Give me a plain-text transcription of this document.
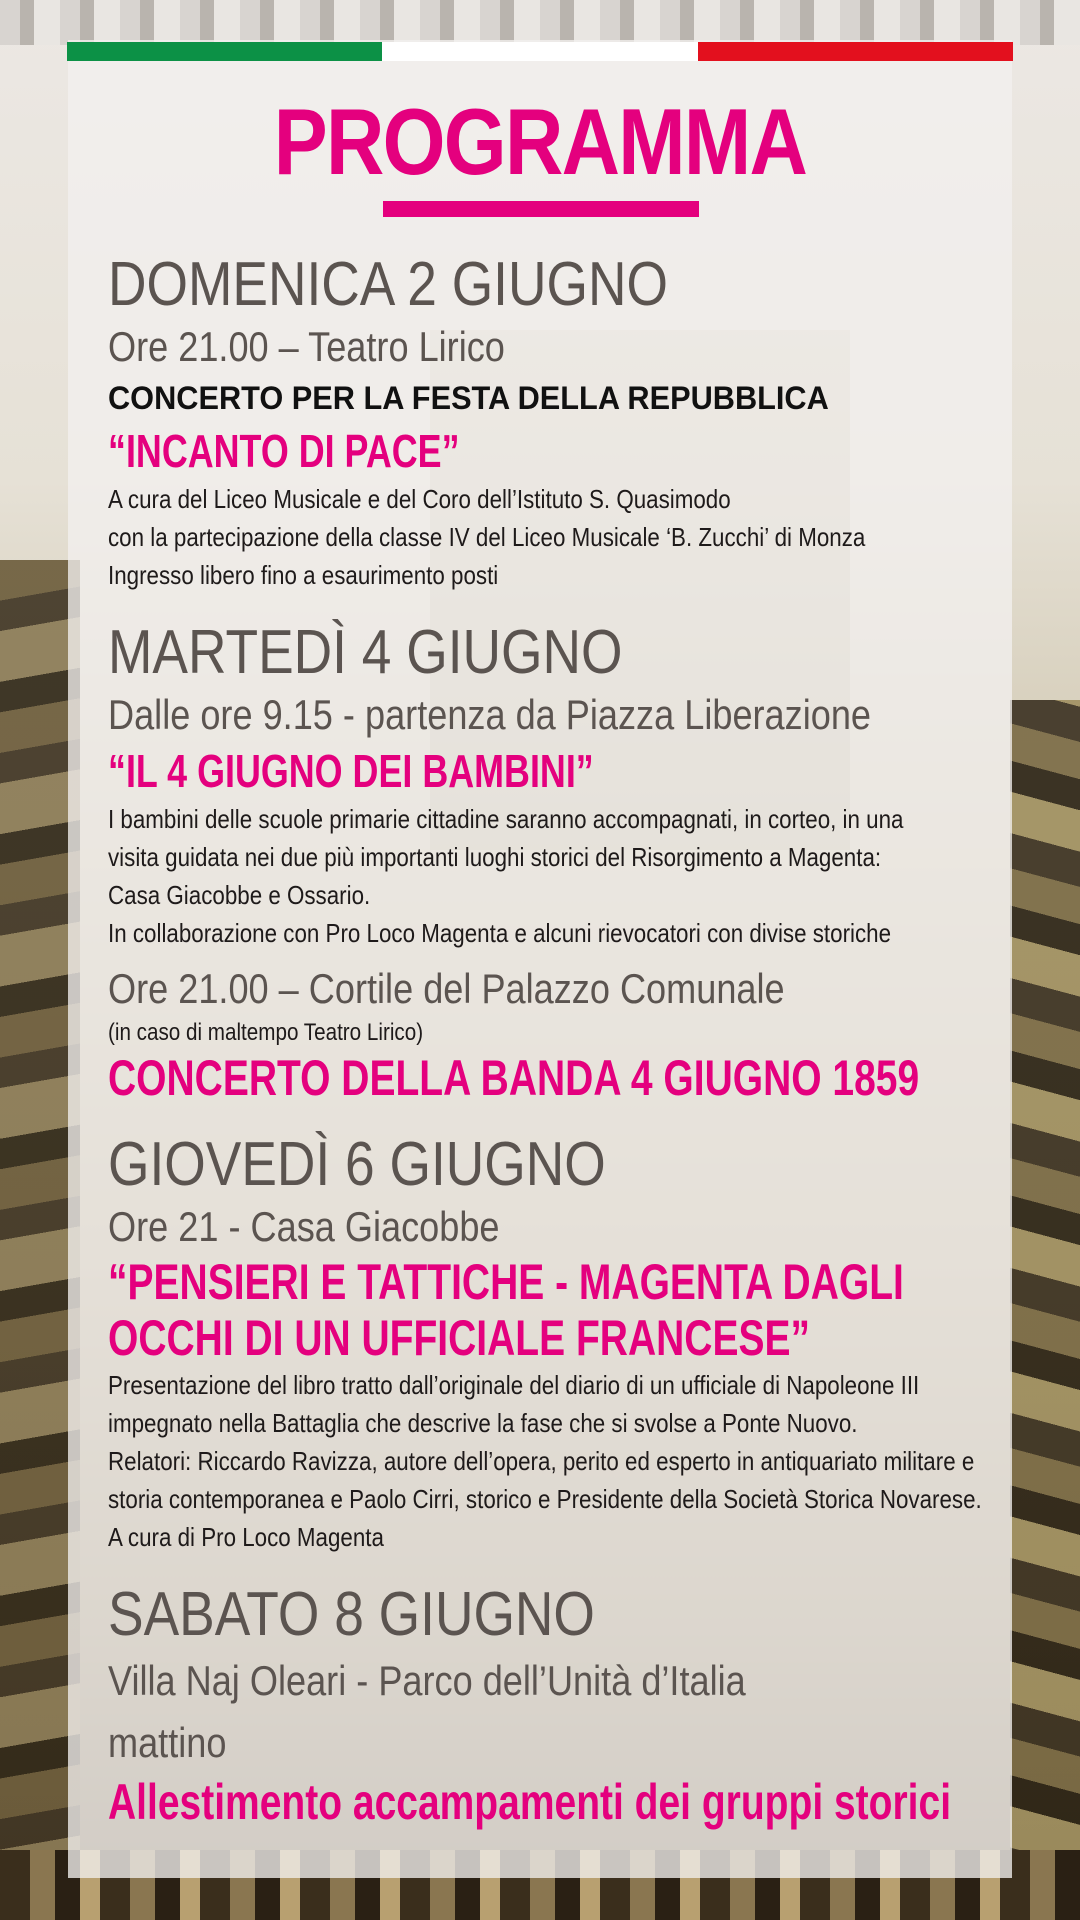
PROGRAMMA
DOMENICA 2 GIUGNO
Ore 21.00 – Teatro Lirico
CONCERTO PER LA FESTA DELLA REPUBBLICA
“INCANTO DI PACE”
A cura del Liceo Musicale e del Coro dell’Istituto S. Quasimodo
con la partecipazione della classe IV del Liceo Musicale ‘B. Zucchi’ di Monza
Ingresso libero fino a esaurimento posti
MARTEDÌ 4 GIUGNO
Dalle ore 9.15 - partenza da Piazza Liberazione
“IL 4 GIUGNO DEI BAMBINI”
I bambini delle scuole primarie cittadine saranno accompagnati, in corteo, in una
visita guidata nei due più importanti luoghi storici del Risorgimento a Magenta:
Casa Giacobbe e Ossario.
In collaborazione con Pro Loco Magenta e alcuni rievocatori con divise storiche
Ore 21.00 – Cortile del Palazzo Comunale
(in caso di maltempo Teatro Lirico)
CONCERTO DELLA BANDA 4 GIUGNO 1859
GIOVEDÌ 6 GIUGNO
Ore 21 - Casa Giacobbe
“PENSIERI E TATTICHE - MAGENTA DAGLI
OCCHI DI UN UFFICIALE FRANCESE”
Presentazione del libro tratto dall’originale del diario di un ufficiale di Napoleone III
impegnato nella Battaglia che descrive la fase che si svolse a Ponte Nuovo.
Relatori: Riccardo Ravizza, autore dell’opera, perito ed esperto in antiquariato militare e
storia contemporanea e Paolo Cirri, storico e Presidente della Società Storica Novarese.
A cura di Pro Loco Magenta
SABATO 8 GIUGNO
Villa Naj Oleari - Parco dell’Unità d’Italia
mattino
Allestimento accampamenti dei gruppi storici
